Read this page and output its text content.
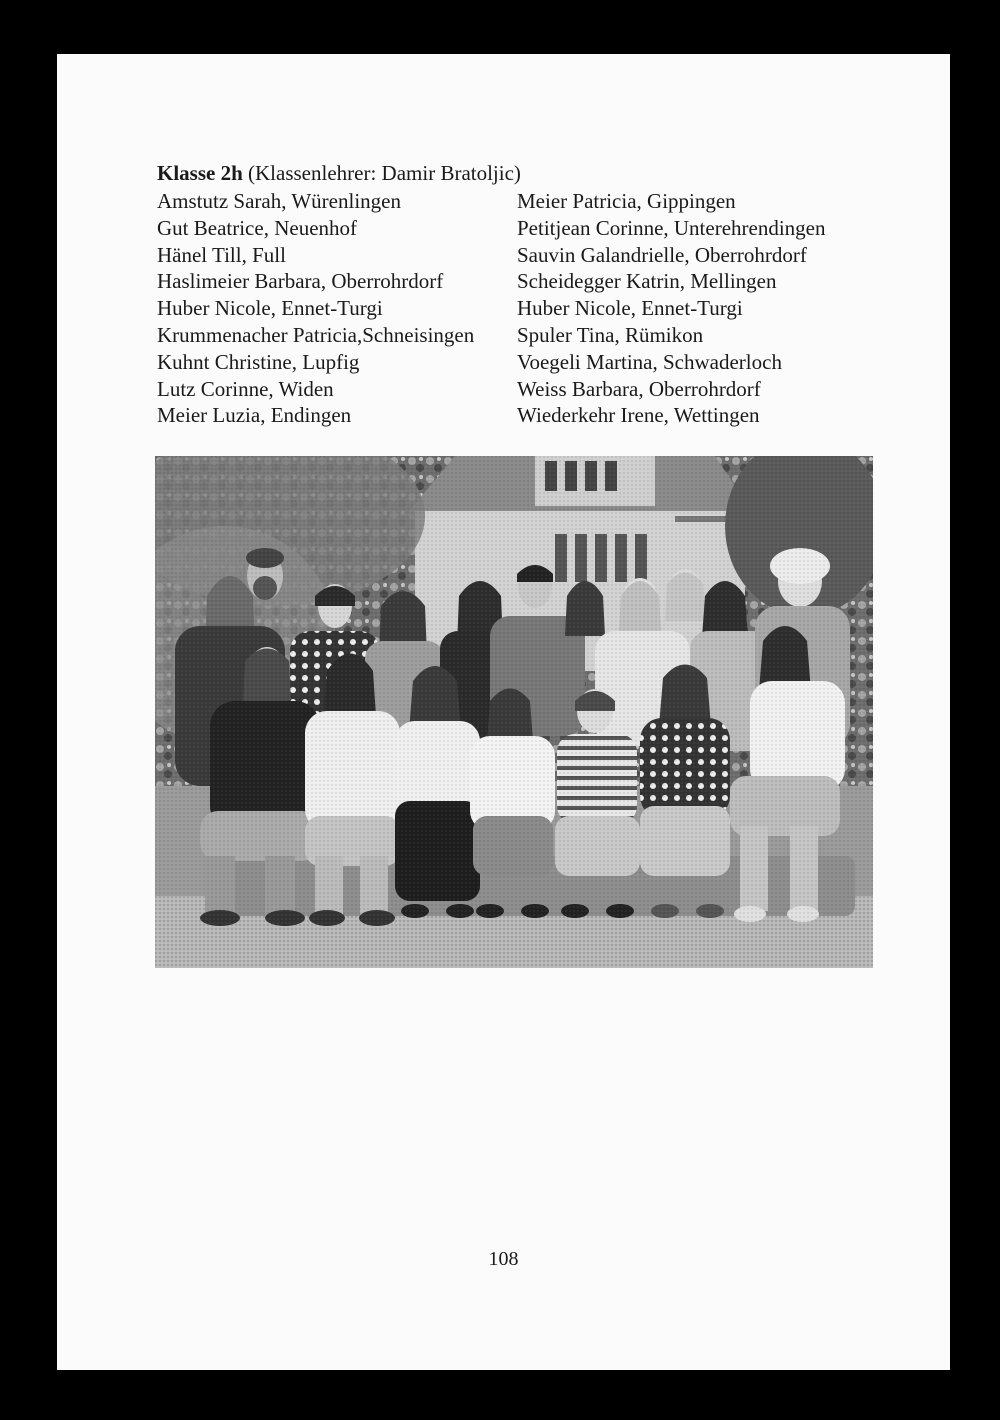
Klasse 2h (Klassenlehrer: Damir Bratoljic)
Amstutz Sarah, Würenlingen
Gut Beatrice, Neuenhof
Hänel Till, Full
Haslimeier Barbara, Oberrohrdorf
Huber Nicole, Ennet-Turgi
Krummenacher Patricia,Schneisingen
Kuhnt Christine, Lupfig
Lutz Corinne, Widen
Meier Luzia, Endingen
Meier Patricia, Gippingen
Petitjean Corinne, Unterehrendingen
Sauvin Galandrielle, Oberrohrdorf
Scheidegger Katrin, Mellingen
Huber Nicole, Ennet-Turgi
Spuler Tina, Rümikon
Voegeli Martina, Schwaderloch
Weiss Barbara, Oberrohrdorf
Wiederkehr Irene, Wettingen
108
